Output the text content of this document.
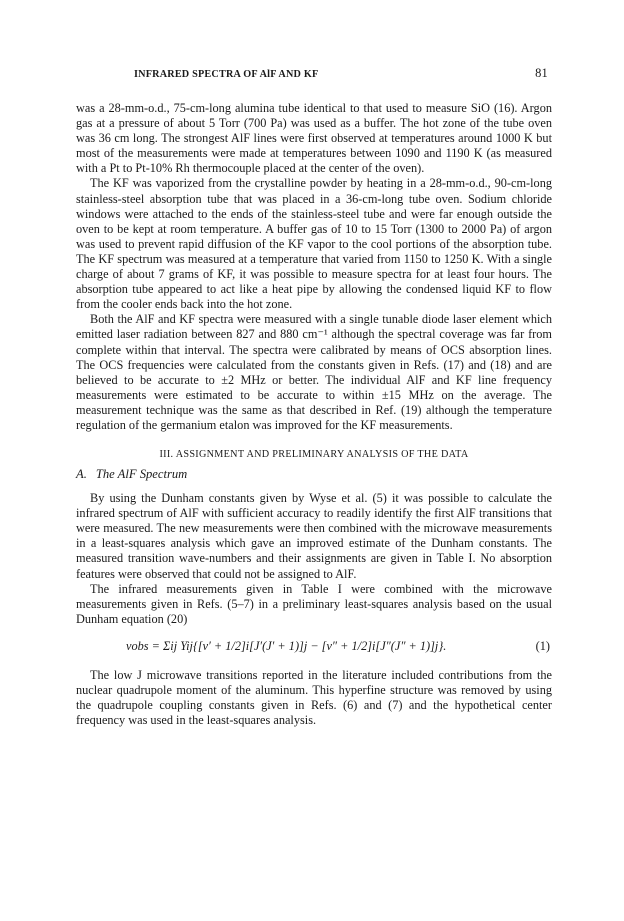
INFRARED SPECTRA OF AlF AND KF	81

was a 28-mm-o.d., 75-cm-long alumina tube identical to that used to measure SiO (16). Argon gas at a pressure of about 5 Torr (700 Pa) was used as a buffer. The hot zone of the tube oven was 36 cm long. The strongest AlF lines were first observed at temperatures around 1000 K but most of the measurements were made at temperatures between 1090 and 1190 K (as measured with a Pt to Pt-10% Rh thermocouple placed at the center of the oven).

The KF was vaporized from the crystalline powder by heating in a 28-mm-o.d., 90-cm-long stainless-steel absorption tube that was placed in a 36-cm-long tube oven. Sodium chloride windows were attached to the ends of the stainless-steel tube and were far enough outside the oven to be kept at room temperature. A buffer gas of 10 to 15 Torr (1300 to 2000 Pa) of argon was used to prevent rapid diffusion of the KF vapor to the cool portions of the absorption tube. The KF spectrum was measured at a temperature that varied from 1150 to 1250 K. With a single charge of about 7 grams of KF, it was possible to measure spectra for at least four hours. The absorption tube appeared to act like a heat pipe by allowing the condensed liquid KF to flow from the cooler ends back into the hot zone.

Both the AlF and KF spectra were measured with a single tunable diode laser element which emitted laser radiation between 827 and 880 cm⁻¹ although the spectral coverage was far from complete within that interval. The spectra were calibrated by means of OCS absorption lines. The OCS frequencies were calculated from the constants given in Refs. (17) and (18) and are believed to be accurate to ±2 MHz or better. The individual AlF and KF line frequency measurements were estimated to be accurate to within ±15 MHz on the average. The measurement technique was the same as that described in Ref. (19) although the temperature regulation of the germanium etalon was improved for the KF measurements.

III. ASSIGNMENT AND PRELIMINARY ANALYSIS OF THE DATA
A. The AlF Spectrum

By using the Dunham constants given by Wyse et al. (5) it was possible to calculate the infrared spectrum of AlF with sufficient accuracy to readily identify the first AlF transitions that were measured. The new measurements were then combined with the microwave measurements in a least-squares analysis which gave an improved estimate of the Dunham constants. The measured transition wave-numbers and their assignments are given in Table I. No absorption features were observed that could not be assigned to AlF.

The infrared measurements given in Table I were combined with the microwave measurements given in Refs. (5–7) in a preliminary least-squares analysis based on the usual Dunham equation (20)

νobs = Σij Yij{[v′ + 1/2]i[J′(J′ + 1)]j − [v″ + 1/2]i[J″(J″ + 1)]j}.	(1)

The low J microwave transitions reported in the literature included contributions from the nuclear quadrupole moment of the aluminum. This hyperfine structure was removed by using the quadrupole coupling constants given in Refs. (6) and (7) and the hypothetical center frequency was used in the least-squares analysis.
